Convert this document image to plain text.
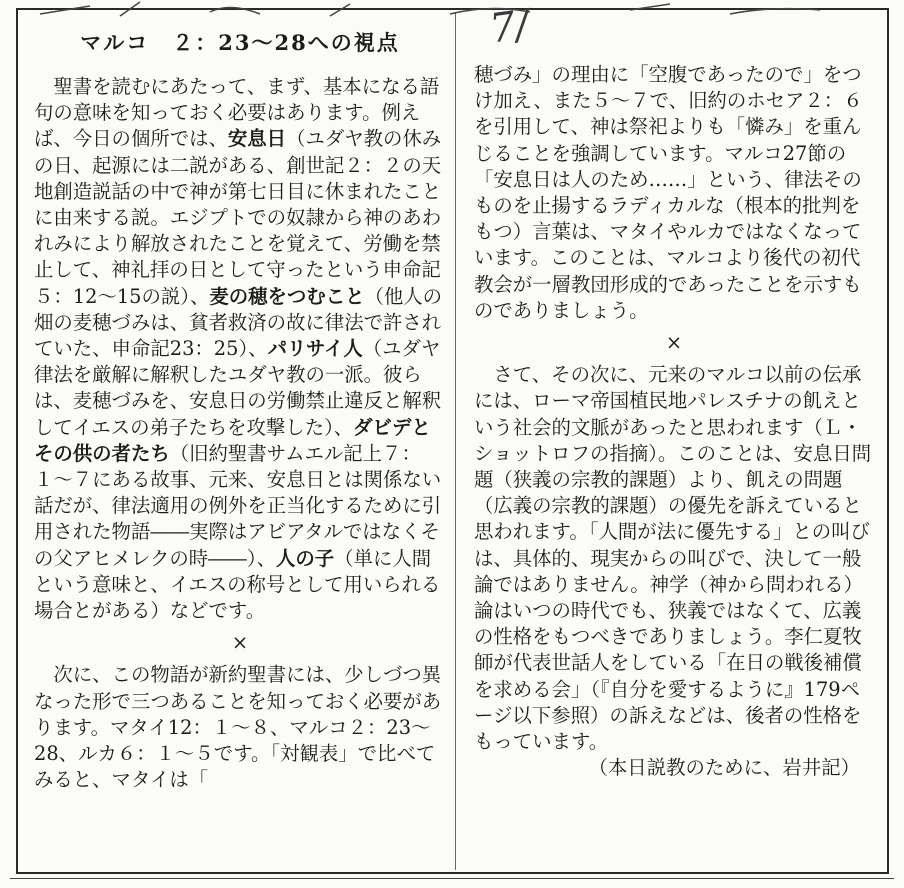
7/
マルコ　２：23〜28への視点

　聖書を読むにあたって、まず、基本になる語句の意味を知っておく必要はあります。例えば、今日の個所では、安息日（ユダヤ教の休みの日、起源には二説がある、創世記２：２の天地創造説話の中で神が第七日目に休まれたことに由来する説。エジプトでの奴隷から神のあわれみにより解放されたことを覚えて、労働を禁止して、神礼拝の日として守ったという申命記５：12〜15の説）、麦の穂をつむこと（他人の畑の麦穂づみは、貧者救済の故に律法で許されていた、申命記23：25）、パリサイ人（ユダヤ律法を厳解に解釈したユダヤ教の一派。彼らは、麦穂づみを、安息日の労働禁止違反と解釈してイエスの弟子たちを攻撃した）、ダビデとその供の者たち（旧約聖書サムエル記上７：１〜７にある故事、元来、安息日とは関係ない話だが、律法適用の例外を正当化するために引用された物語――実際はアビアタルではなくその父アヒメレクの時――）、人の子（単に人間という意味と、イエスの称号として用いられる場合とがある）などです。

×

　次に、この物語が新約聖書には、少しづつ異なった形で三つあることを知っておく必要があります。マタイ12：１〜８、マルコ２：23〜28、ルカ６：１〜５です。「対観表」で比べてみると、マタイは「

穂づみ」の理由に「空腹であったので」をつけ加え、また５〜７で、旧約のホセア２：６を引用して、神は祭祀よりも「憐み」を重んじることを強調しています。マルコ27節の「安息日は人のため……」という、律法そのものを止揚するラディカルな（根本的批判をもつ）言葉は、マタイやルカではなくなっています。このことは、マルコより後代の初代教会が一層教団形成的であったことを示すものでありましょう。

×

　さて、その次に、元来のマルコ以前の伝承には、ローマ帝国植民地パレスチナの飢えという社会的文脈があったと思われます（Ｌ・ショットロフの指摘）。このことは、安息日問題（狭義の宗教的課題）より、飢えの問題（広義の宗教的課題）の優先を訴えていると思われます。「人間が法に優先する」との叫びは、具体的、現実からの叫びで、決して一般論ではありません。神学（神から問われる）論はいつの時代でも、狭義ではなくて、広義の性格をもつべきでありましょう。李仁夏牧師が代表世話人をしている「在日の戦後補償を求める会」（『自分を愛するように』179ページ以下参照）の訴えなどは、後者の性格をもっています。

（本日説教のために、岩井記）
